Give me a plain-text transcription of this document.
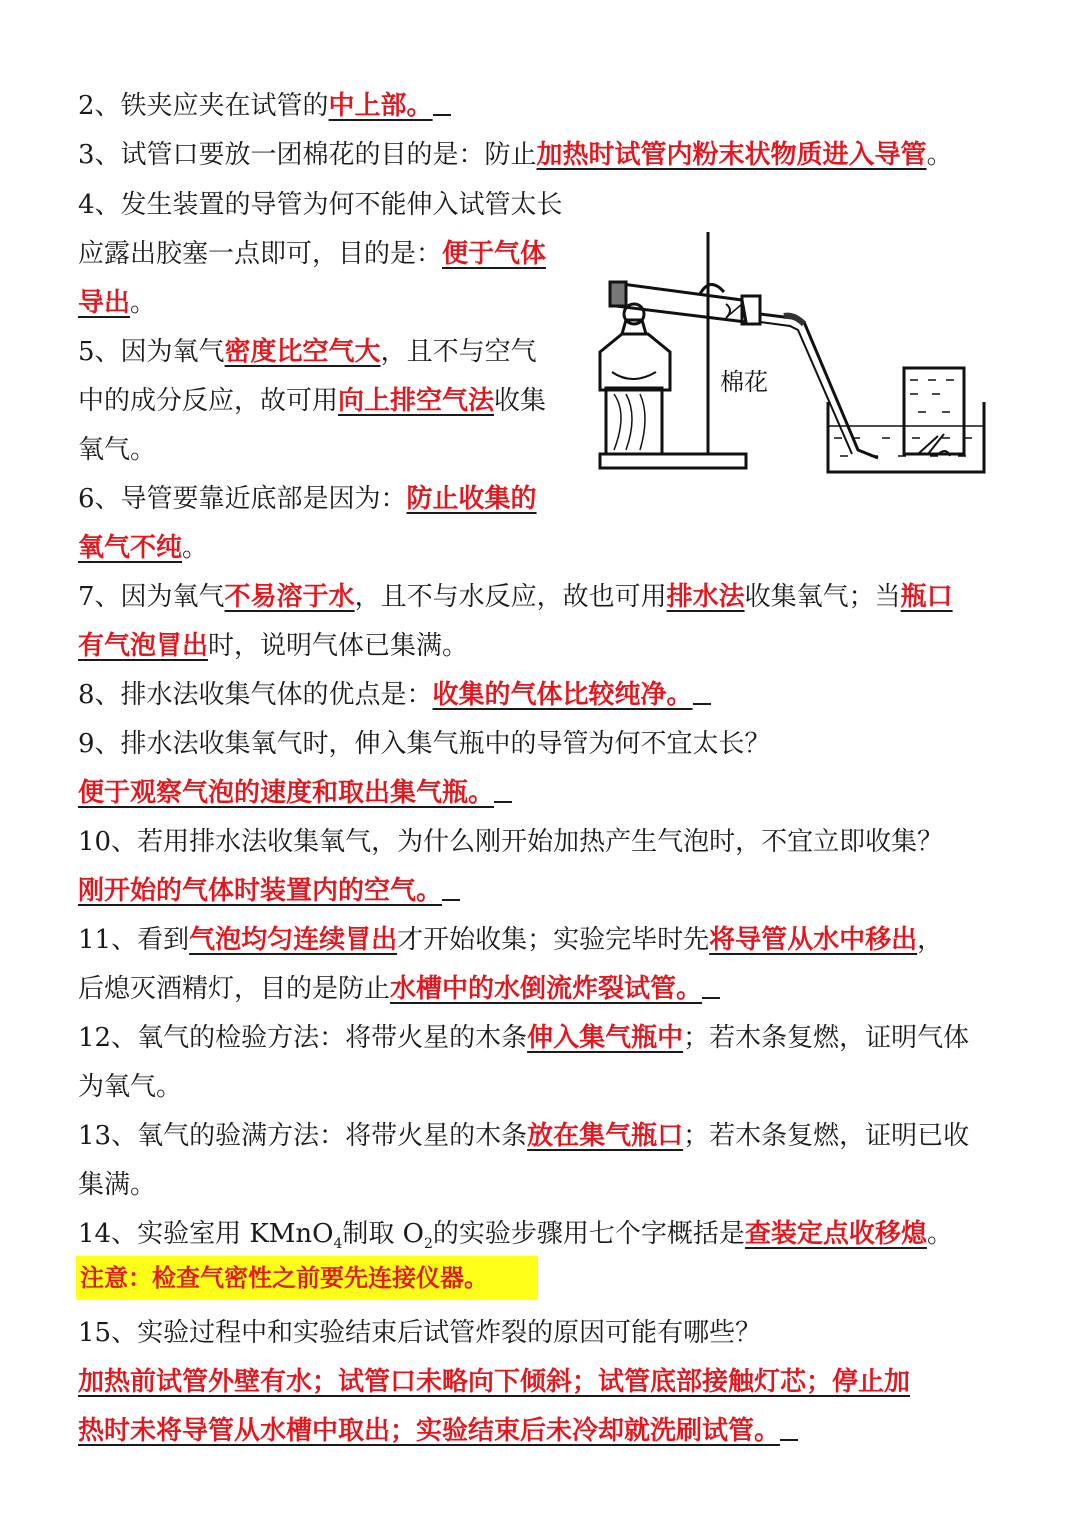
2、铁夹应夹在试管的中上部。
3、试管口要放一团棉花的目的是：防止加热时试管内粉末状物质进入导管。
4、发生装置的导管为何不能伸入试管太长
应露出胶塞一点即可，目的是：便于气体
导出。
5、因为氧气密度比空气大，且不与空气
中的成分反应，故可用向上排空气法收集
氧气。
6、导管要靠近底部是因为：防止收集的
氧气不纯。
7、因为氧气不易溶于水，且不与水反应，故也可用排水法收集氧气；当瓶口
有气泡冒出时，说明气体已集满。
8、排水法收集气体的优点是：收集的气体比较纯净。
9、排水法收集氧气时，伸入集气瓶中的导管为何不宜太长？
便于观察气泡的速度和取出集气瓶。
10、若用排水法收集氧气，为什么刚开始加热产生气泡时，不宜立即收集？
刚开始的气体时装置内的空气。
11、看到气泡均匀连续冒出才开始收集；实验完毕时先将导管从水中移出，
后熄灭酒精灯，目的是防止水槽中的水倒流炸裂试管。
12、氧气的检验方法：将带火星的木条伸入集气瓶中；若木条复燃，证明气体
为氧气。
13、氧气的验满方法：将带火星的木条放在集气瓶口；若木条复燃，证明已收
集满。
14、实验室用 KMnO$_4$制取 $O_2$的实验步骤用七个字概括是查装定点收移熄。
注意：检查气密性之前要先连接仪器。
15、实验过程中和实验结束后试管炸裂的原因可能有哪些？
加热前试管外壁有水；试管口未略向下倾斜；试管底部接触灯芯；停止加
热时未将导管从水槽中取出；实验结束后未冷却就洗刷试管。
棉花
